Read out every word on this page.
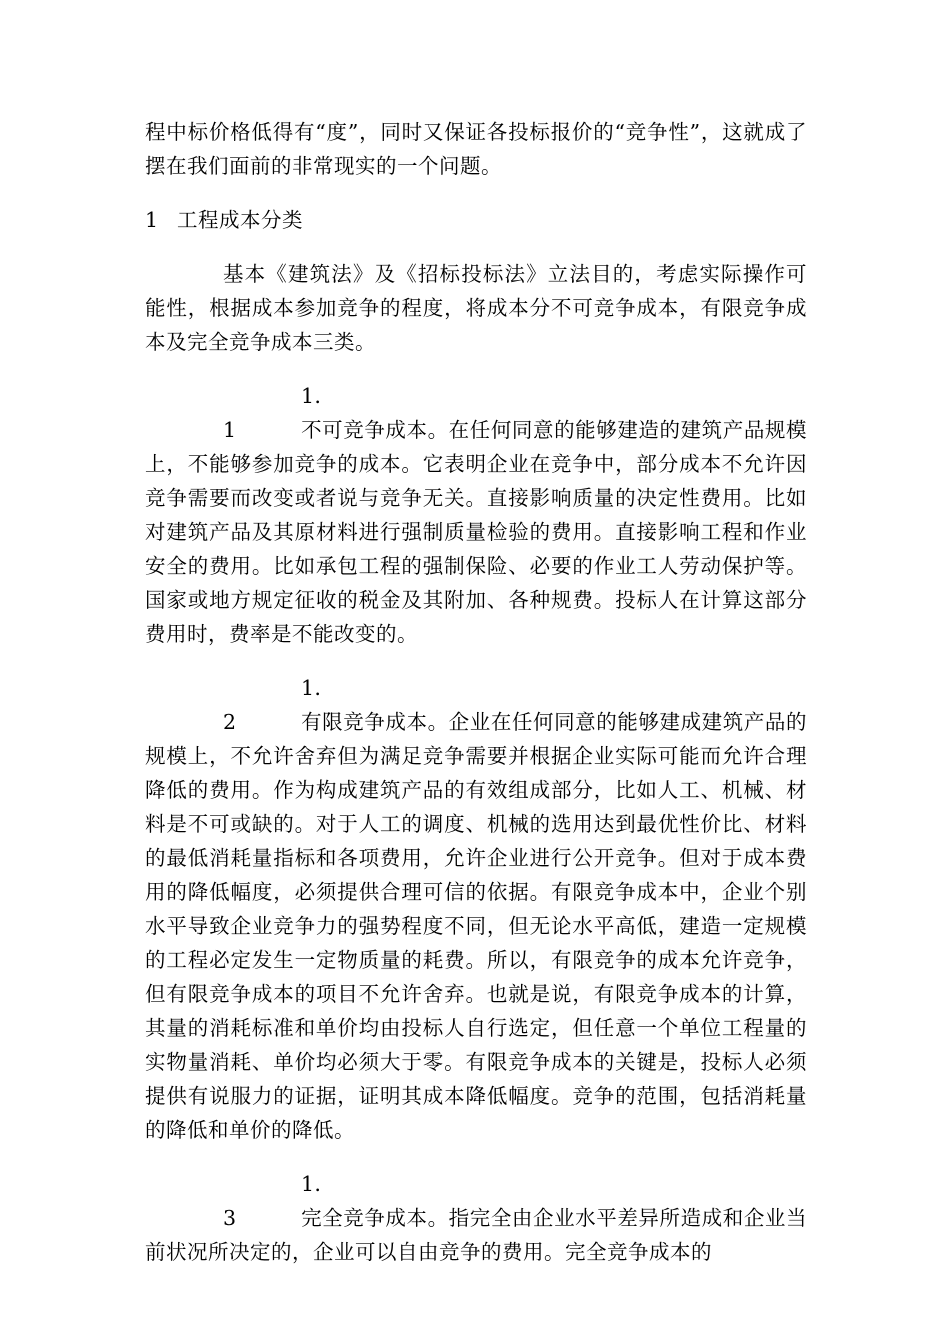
程中标价格低得有“度”，同时又保证各投标报价的“竞争性”，这就成了摆在我们面前的非常现实的一个问题。

1 工程成本分类

基本《建筑法》及《招标投标法》立法目的，考虑实际操作可能性，根据成本参加竞争的程度，将成本分不可竞争成本，有限竞争成本及完全竞争成本三类。

1．1	不可竞争成本。在任何同意的能够建造的建筑产品规模上，不能够参加竞争的成本。它表明企业在竞争中，部分成本不允许因竞争需要而改变或者说与竞争无关。直接影响质量的决定性费用。比如对建筑产品及其原材料进行强制质量检验的费用。直接影响工程和作业安全的费用。比如承包工程的强制保险、必要的作业工人劳动保护等。国家或地方规定征收的税金及其附加、各种规费。投标人在计算这部分费用时，费率是不能改变的。

1．2	有限竞争成本。企业在任何同意的能够建成建筑产品的规模上，不允许舍弃但为满足竞争需要并根据企业实际可能而允许合理降低的费用。作为构成建筑产品的有效组成部分，比如人工、机械、材料是不可或缺的。对于人工的调度、机械的选用达到最优性价比、材料的最低消耗量指标和各项费用，允许企业进行公开竞争。但对于成本费用的降低幅度，必须提供合理可信的依据。有限竞争成本中，企业个别水平导致企业竞争力的强势程度不同，但无论水平高低，建造一定规模的工程必定发生一定物质量的耗费。所以，有限竞争的成本允许竞争，但有限竞争成本的项目不允许舍弃。也就是说，有限竞争成本的计算，其量的消耗标准和单价均由投标人自行选定，但任意一个单位工程量的实物量消耗、单价均必须大于零。有限竞争成本的关键是，投标人必须提供有说服力的证据，证明其成本降低幅度。竞争的范围，包括消耗量的降低和单价的降低。

1．3	完全竞争成本。指完全由企业水平差异所造成和企业当前状况所决定的，企业可以自由竞争的费用。完全竞争成本的
